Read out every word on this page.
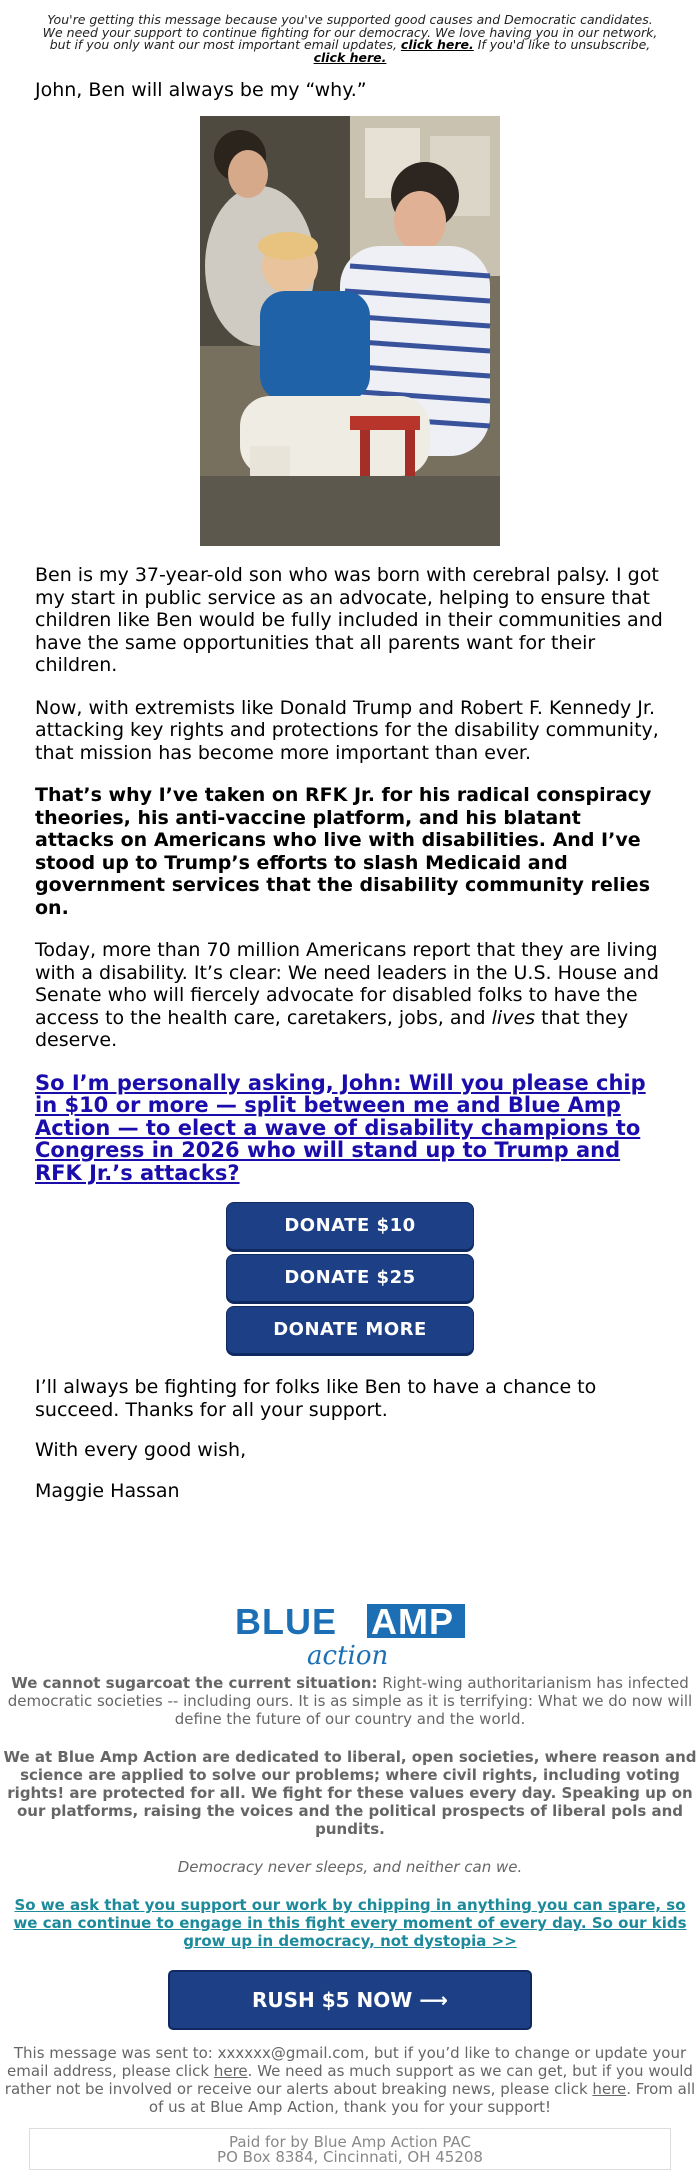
You're getting this message because you've supported good causes and Democratic candidates. We need your support to continue fighting for our democracy. We love having you in our network, but if you only want our most important email updates, click here. If you'd like to unsubscribe, click here.
John, Ben will always be my “why.”

Ben is my 37-year-old son who was born with cerebral palsy. I got my start in public service as an advocate, helping to ensure that children like Ben would be fully included in their communities and have the same opportunities that all parents want for their children.

Now, with extremists like Donald Trump and Robert F. Kennedy Jr. attacking key rights and protections for the disability community, that mission has become more important than ever.

That’s why I’ve taken on RFK Jr. for his radical conspiracy theories, his anti-vaccine platform, and his blatant attacks on Americans who live with disabilities. And I’ve stood up to Trump’s efforts to slash Medicaid and government services that the disability community relies on.

Today, more than 70 million Americans report that they are living with a disability. It’s clear: We need leaders in the U.S. House and Senate who will fiercely advocate for disabled folks to have the access to the health care, caretakers, jobs, and lives that they deserve.

So I’m personally asking, John: Will you please chip in $10 or more — split between me and Blue Amp Action — to elect a wave of disability champions to Congress in 2026 who will stand up to Trump and RFK Jr.’s attacks?
DONATE $10
DONATE $25
DONATE MORE

I’ll always be fighting for folks like Ben to have a chance to succeed. Thanks for all your support.

With every good wish,

Maggie Hassan

BLUE AMP
action

We cannot sugarcoat the current situation: Right-wing authoritarianism has infected democratic societies -- including ours. It is as simple as it is terrifying: What we do now will define the future of our country and the world.

We at Blue Amp Action are dedicated to liberal, open societies, where reason and science are applied to solve our problems; where civil rights, including voting rights! are protected for all. We fight for these values every day. Speaking up on our platforms, raising the voices and the political prospects of liberal pols and pundits.

Democracy never sleeps, and neither can we.

So we ask that you support our work by chipping in anything you can spare, so we can continue to engage in this fight every moment of every day. So our kids grow up in democracy, not dystopia >>
RUSH $5 NOW ⟶
This message was sent to: xxxxxx@gmail.com, but if you’d like to change or update your email address, please click here. We need as much support as we can get, but if you would rather not be involved or receive our alerts about breaking news, please click here. From all of us at Blue Amp Action, thank you for your support!
Paid for by Blue Amp Action PAC
PO Box 8384, Cincinnati, OH 45208
